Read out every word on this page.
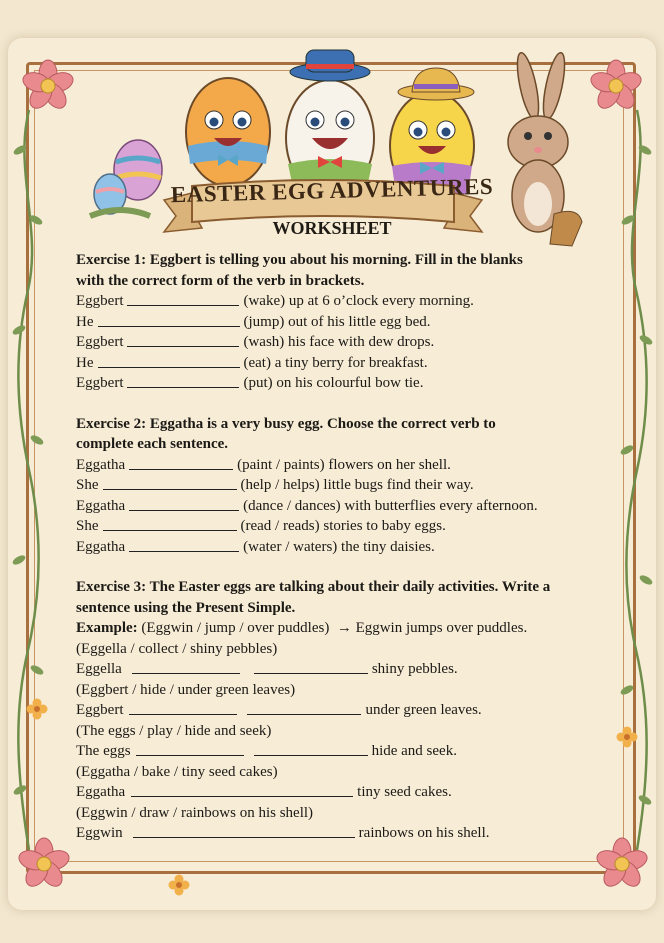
EASTER EGG ADVENTURES
WORKSHEET

Exercise 1: Eggbert is telling you about his morning. Fill in the blanks

with the correct form of the verb in brackets.

Eggbert	(wake) up at 6 o’clock every morning.
He	(jump) out of his little egg bed.
Eggbert	(wash) his face with dew drops.
He	(eat) a tiny berry for breakfast.
Eggbert	(put) on his colourful bow tie.

Exercise 2: Eggatha is a very busy egg. Choose the correct verb to

complete each sentence.

Eggatha	(paint / paints) flowers on her shell.
She	(help / helps) little bugs find their way.
Eggatha	(dance / dances) with butterflies every afternoon.
She	(read / reads) stories to baby eggs.
Eggatha	(water / waters) the tiny daisies.

Exercise 3: The Easter eggs are talking about their daily activities. Write a

sentence using the Present Simple.

Example:
(Eggwin / jump / over puddles)
→
Eggwin jumps over puddles.
(Eggella / collect / shiny pebbles)
Eggella	shiny pebbles.
(Eggbert / hide / under green leaves)
Eggbert	under green leaves.
(The eggs / play / hide and seek)
The eggs	hide and seek.
(Eggatha / bake / tiny seed cakes)
Eggatha	tiny seed cakes.
(Eggwin / draw / rainbows on his shell)
Eggwin	rainbows on his shell.
